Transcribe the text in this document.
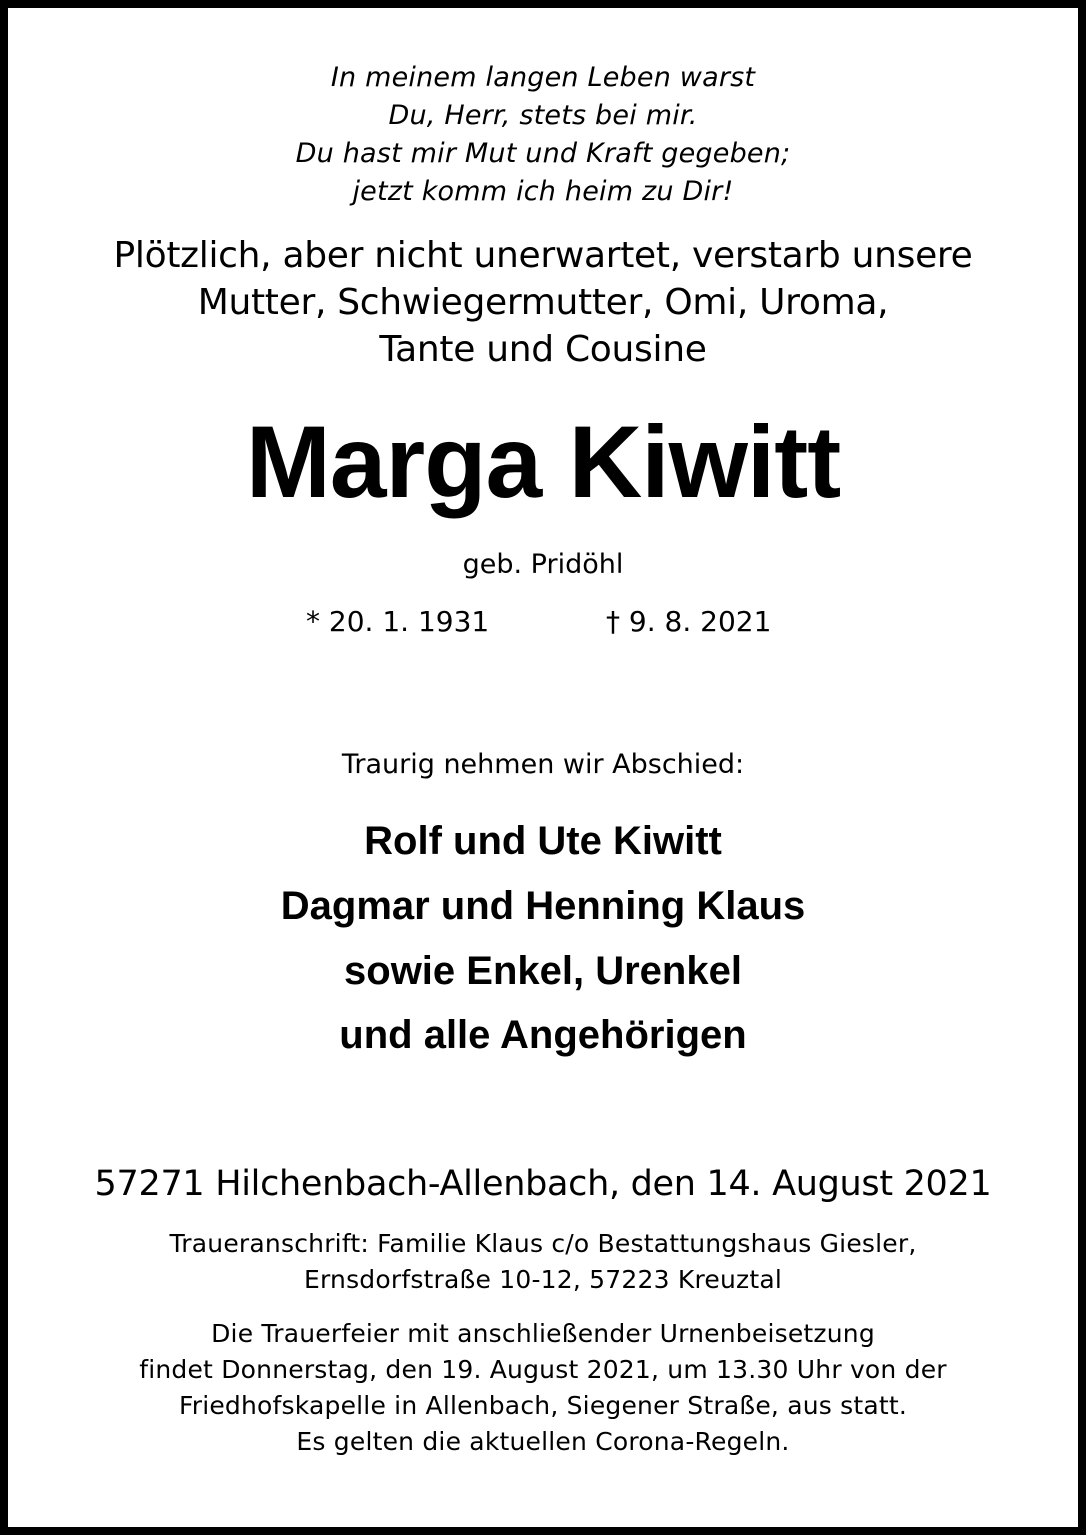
In meinem langen Leben warst
Du, Herr, stets bei mir.
Du hast mir Mut und Kraft gegeben;
jetzt komm ich heim zu Dir!
Plötzlich, aber nicht unerwartet, verstarb unsere
Mutter, Schwiegermutter, Omi, Uroma,
Tante und Cousine
Marga Kiwitt
geb. Pridöhl
* 20. 1. 1931	† 9. 8. 2021
Traurig nehmen wir Abschied:
Rolf und Ute Kiwitt
Dagmar und Henning Klaus
sowie Enkel, Urenkel
und alle Angehörigen
57271 Hilchenbach-Allenbach, den 14. August 2021
Traueranschrift: Familie Klaus c/o Bestattungshaus Giesler,
Ernsdorfstraße 10-12, 57223 Kreuztal
Die Trauerfeier mit anschließender Urnenbeisetzung
findet Donnerstag, den 19. August 2021, um 13.30 Uhr von der
Friedhofskapelle in Allenbach, Siegener Straße, aus statt.
Es gelten die aktuellen Corona-Regeln.
